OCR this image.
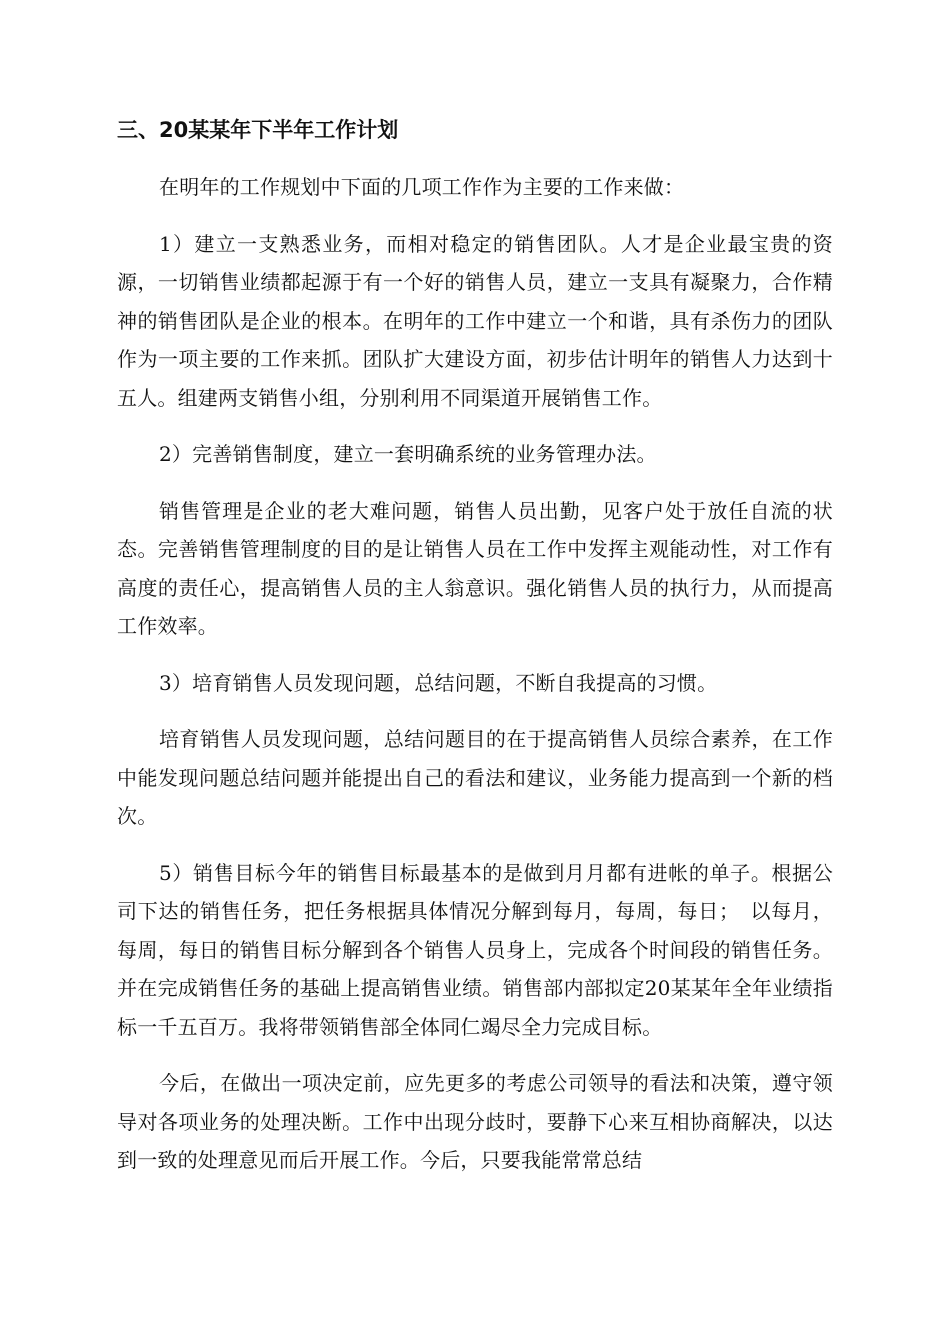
三、20某某年下半年工作计划

在明年的工作规划中下面的几项工作作为主要的工作来做：

1）建立一支熟悉业务，而相对稳定的销售团队。人才是企业最宝贵的资源，一切销售业绩都起源于有一个好的销售人员，建立一支具有凝聚力，合作精神的销售团队是企业的根本。在明年的工作中建立一个和谐，具有杀伤力的团队作为一项主要的工作来抓。团队扩大建设方面，初步估计明年的销售人力达到十五人。组建两支销售小组，分别利用不同渠道开展销售工作。

2）完善销售制度，建立一套明确系统的业务管理办法。

销售管理是企业的老大难问题，销售人员出勤，见客户处于放任自流的状态。完善销售管理制度的目的是让销售人员在工作中发挥主观能动性，对工作有高度的责任心，提高销售人员的主人翁意识。强化销售人员的执行力，从而提高工作效率。

3）培育销售人员发现问题，总结问题，不断自我提高的习惯。

培育销售人员发现问题，总结问题目的在于提高销售人员综合素养，在工作中能发现问题总结问题并能提出自己的看法和建议，业务能力提高到一个新的档次。

5）销售目标今年的销售目标最基本的是做到月月都有进帐的单子。根据公司下达的销售任务，把任务根据具体情况分解到每月，每周，每日；　以每月，每周，每日的销售目标分解到各个销售人员身上，完成各个时间段的销售任务。并在完成销售任务的基础上提高销售业绩。销售部内部拟定20某某年全年业绩指标一千五百万。我将带领销售部全体同仁竭尽全力完成目标。

今后，在做出一项决定前，应先更多的考虑公司领导的看法和决策，遵守领导对各项业务的处理决断。工作中出现分歧时，要静下心来互相协商解决，以达到一致的处理意见而后开展工作。今后，只要我能常常总结
